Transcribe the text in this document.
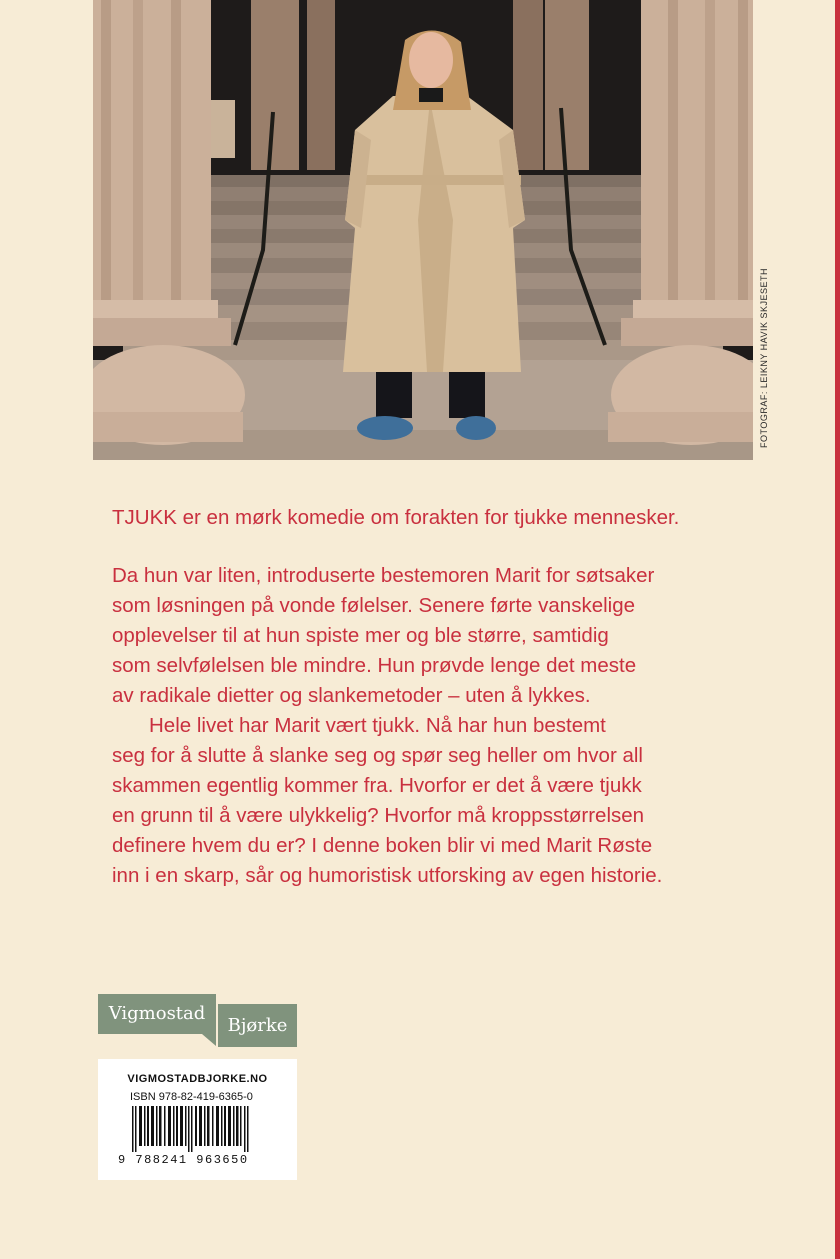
FOTOGRAF: LEIKNY HAVIK SKJESETH

TJUKK er en mørk komedie om forakten for tjukke mennesker.

Da hun var liten, introduserte bestemoren Marit for søtsaker
som løsningen på vonde følelser. Senere førte vanskelige
opplevelser til at hun spiste mer og ble større, samtidig
som selvfølelsen ble mindre. Hun prøvde lenge det meste
av radikale dietter og slankemetoder – uten å lykkes.

Hele livet har Marit vært tjukk. Nå har hun bestemt
seg for å slutte å slanke seg og spør seg heller om hvor all
skammen egentlig kommer fra. Hvorfor er det å være tjukk
en grunn til å være ulykkelig? Hvorfor må kroppsstørrelsen
definere hvem du er? I denne boken blir vi med Marit Røste
inn i en skarp, sår og humoristisk utforsking av egen historie.

Vigmostad
Bjørke
VIGMOSTADBJORKE.NO
ISBN 978-82-419-6365-0
9 788241 963650
